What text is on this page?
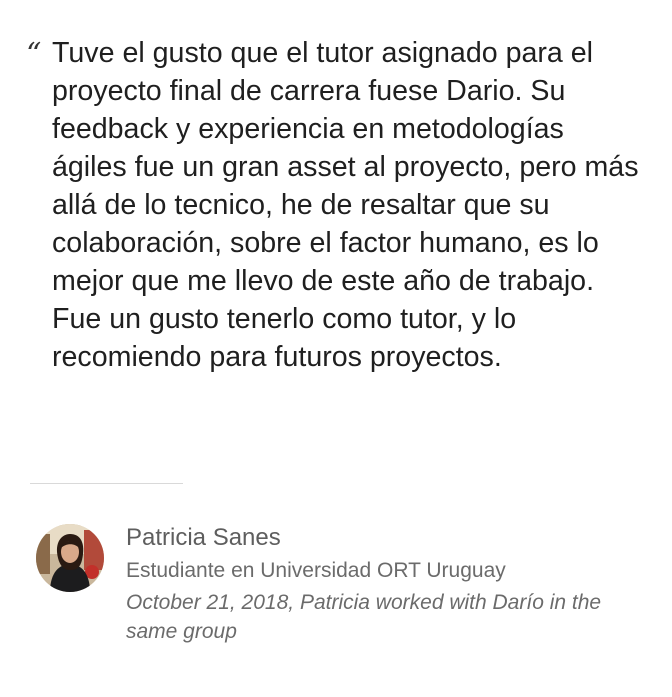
“ Tuve el gusto que el tutor asignado para el proyecto final de carrera fuese Dario. Su feedback y experiencia en metodologías ágiles fue un gran asset al proyecto, pero más allá de lo tecnico, he de resaltar que su colaboración, sobre el factor humano, es lo mejor que me llevo de este año de trabajo. Fue un gusto tenerlo como tutor, y lo recomiendo para futuros proyectos.

Patricia Sanes

Estudiante en Universidad ORT Uruguay

October 21, 2018, Patricia worked with Darío in the same group
